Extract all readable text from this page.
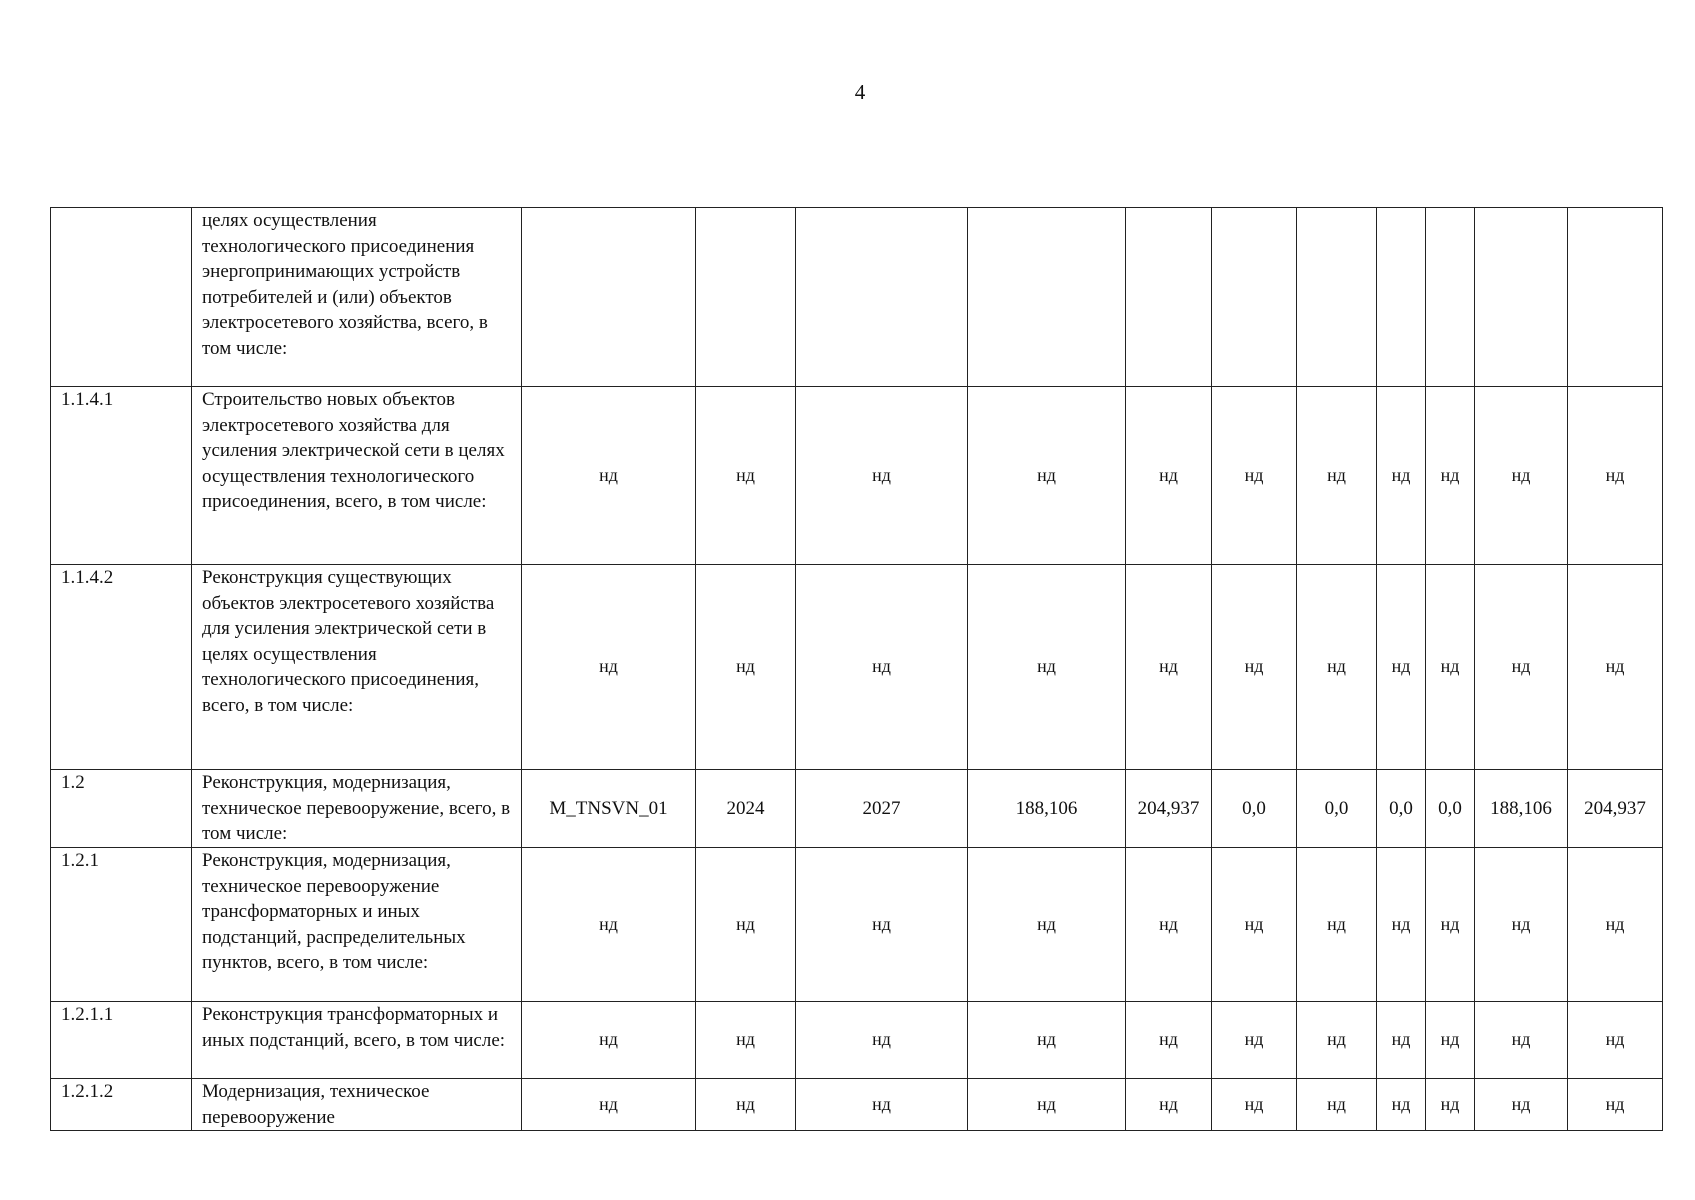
4
	целях осуществления технологического присоединения энергопринимающих устройств потребителей и (или) объектов электросетевого хозяйства, всего, в том числе:											
1.1.4.1	Строительство новых объектов электросетевого хозяйства для усиления электрической сети в целях осуществления технологического присоединения, всего, в том числе:	нд	нд	нд	нд	нд	нд	нд	нд	нд	нд	нд
1.1.4.2	Реконструкция существующих объектов электросетевого хозяйства для усиления электрической сети в целях осуществления технологического присоединения, всего, в том числе:	нд	нд	нд	нд	нд	нд	нд	нд	нд	нд	нд
1.2	Реконструкция, модернизация, техническое перевооружение, всего, в том числе:	M_TNSVN_01	2024	2027	188,106	204,937	0,0	0,0	0,0	0,0	188,106	204,937
1.2.1	Реконструкция, модернизация, техническое перевооружение трансформаторных и иных подстанций, распределительных пунктов, всего, в том числе:	нд	нд	нд	нд	нд	нд	нд	нд	нд	нд	нд
1.2.1.1	Реконструкция трансформаторных и иных подстанций, всего, в том числе:	нд	нд	нд	нд	нд	нд	нд	нд	нд	нд	нд
1.2.1.2	Модернизация, техническое перевооружение	нд	нд	нд	нд	нд	нд	нд	нд	нд	нд	нд
